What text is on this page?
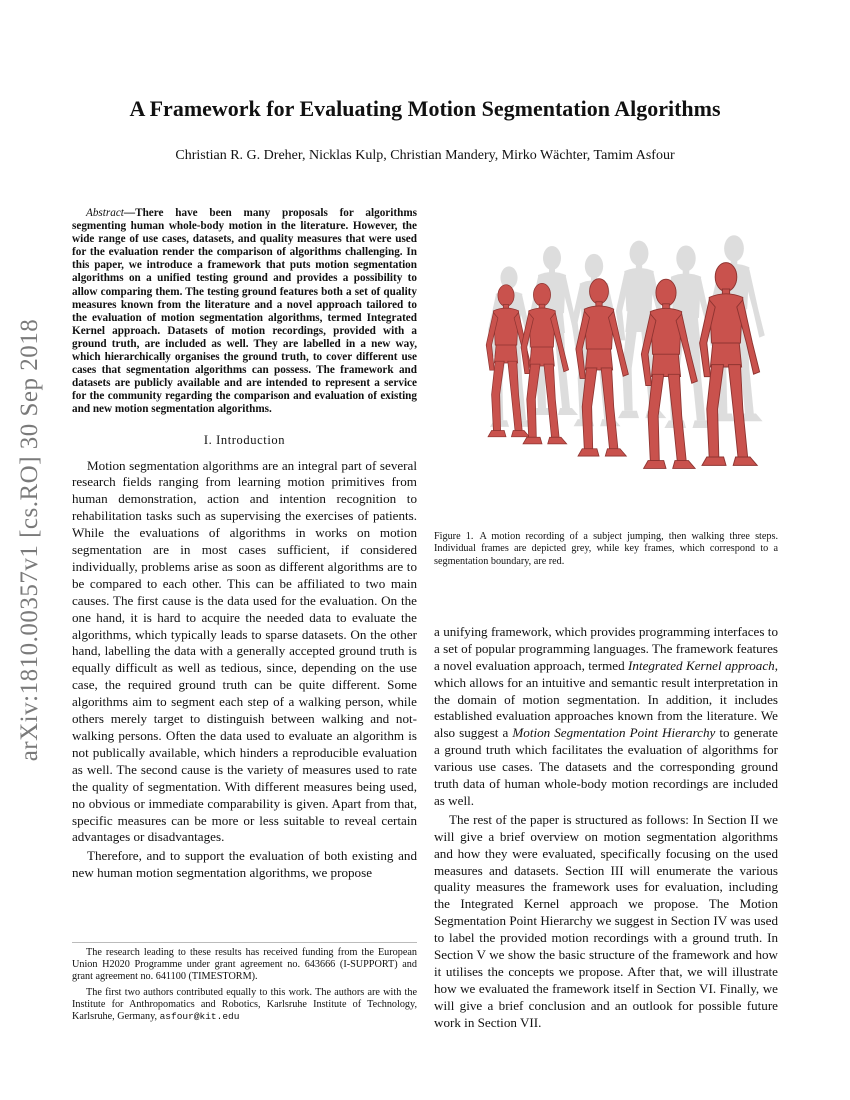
arXiv:1810.00357v1 [cs.RO] 30 Sep 2018
A Framework for Evaluating Motion Segmentation Algorithms
Christian R. G. Dreher, Nicklas Kulp, Christian Mandery, Mirko Wächter, Tamim Asfour

Abstract—There have been many proposals for algorithms segmenting human whole-body motion in the literature. However, the wide range of use cases, datasets, and quality measures that were used for the evaluation render the comparison of algorithms challenging. In this paper, we introduce a framework that puts motion segmentation algorithms on a unified testing ground and provides a possibility to allow comparing them. The testing ground features both a set of quality measures known from the literature and a novel approach tailored to the evaluation of motion segmentation algorithms, termed Integrated Kernel approach. Datasets of motion recordings, provided with a ground truth, are included as well. They are labelled in a new way, which hierarchically organises the ground truth, to cover different use cases that segmentation algorithms can possess. The framework and datasets are publicly available and are intended to represent a service for the community regarding the comparison and evaluation of existing and new motion segmentation algorithms.

I. Introduction

Motion segmentation algorithms are an integral part of several research fields ranging from learning motion primitives from human demonstration, action and intention recognition to rehabilitation tasks such as supervising the exercises of patients. While the evaluations of algorithms in works on motion segmentation are in most cases sufficient, if considered individually, problems arise as soon as different algorithms are to be compared to each other. This can be affiliated to two main causes. The first cause is the data used for the evaluation. On the one hand, it is hard to acquire the needed data to evaluate the algorithms, which typically leads to sparse datasets. On the other hand, labelling the data with a generally accepted ground truth is equally difficult as well as tedious, since, depending on the use case, the required ground truth can be quite different. Some algorithms aim to segment each step of a walking person, while others merely target to distinguish between walking and not-walking persons. Often the data used to evaluate an algorithm is not publically available, which hinders a reproducible evaluation as well. The second cause is the variety of measures used to rate the quality of segmentation. With different measures being used, no obvious or immediate comparability is given. Apart from that, specific measures can be more or less suitable to reveal certain advantages or disadvantages.

Therefore, and to support the evaluation of both existing and new human motion segmentation algorithms, we propose

The research leading to these results has received funding from the European Union H2020 Programme under grant agreement no. 643666 (I-SUPPORT) and grant agreement no. 641100 (TIMESTORM).

The first two authors contributed equally to this work. The authors are with the Institute for Anthropomatics and Robotics, Karlsruhe Institute of Technology, Karlsruhe, Germany, asfour@kit.edu

Figure 1. A motion recording of a subject jumping, then walking three steps. Individual frames are depicted grey, while key frames, which correspond to a segmentation boundary, are red.

a unifying framework, which provides programming interfaces to a set of popular programming languages. The framework features a novel evaluation approach, termed Integrated Kernel approach, which allows for an intuitive and semantic result interpretation in the domain of motion segmentation. In addition, it includes established evaluation approaches known from the literature. We also suggest a Motion Segmentation Point Hierarchy to generate a ground truth which facilitates the evaluation of algorithms for various use cases. The datasets and the corresponding ground truth data of human whole-body motion recordings are included as well.

The rest of the paper is structured as follows: In Section II we will give a brief overview on motion segmentation algorithms and how they were evaluated, specifically focusing on the used measures and datasets. Section III will enumerate the various quality measures the framework uses for evaluation, including the Integrated Kernel approach we propose. The Motion Segmentation Point Hierarchy we suggest in Section IV was used to label the provided motion recordings with a ground truth. In Section V we show the basic structure of the framework and how it utilises the concepts we propose. After that, we will illustrate how we evaluated the framework itself in Section VI. Finally, we will give a brief conclusion and an outlook for possible future work in Section VII.
